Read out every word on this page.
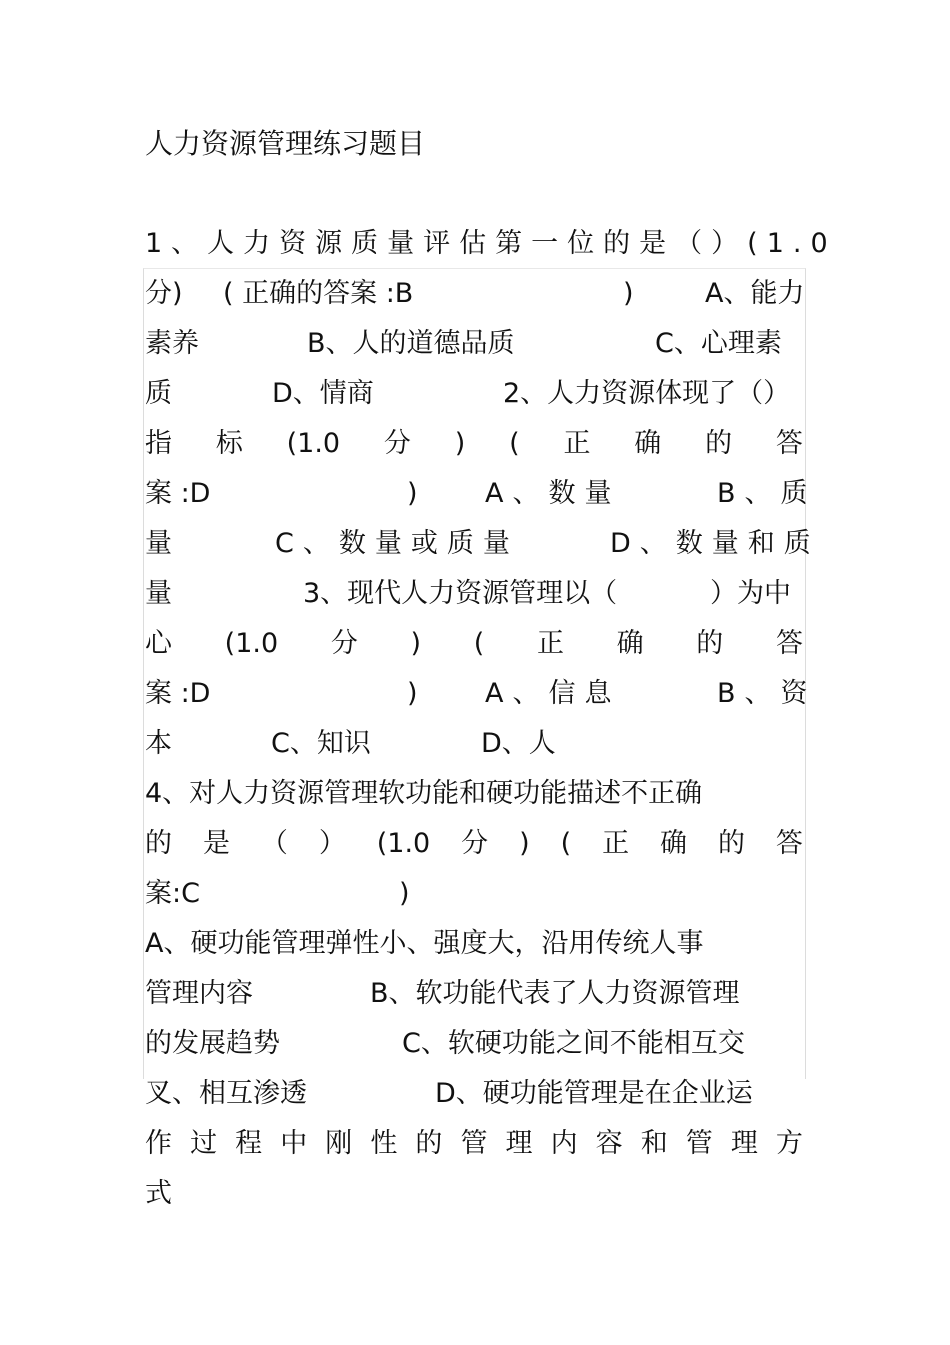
人力资源管理练习题目
1、人力资源质量评估第一位的是（）(1.0
分) ( 正确的答案 :B	)	A、能力
素养	B、人的道德品质	C、心理素
质	D、情商	2、人力资源体现了（）
指 标 (1.0 分 ) ( 正 确 的 答
案 :D	) A、数量	B、质
量	C、数量或质量	D、数量和质
量	3、现代人力资源管理以（	）为中
心 (1.0 分 ) ( 正 确 的 答
案 :D	) A、信息	B、资
本	C、知识	D、人
4、对人力资源管理软功能和硬功能描述不正确
的 是 （ ） (1.0 分 ) ( 正 确 的 答
案:C	)
A、硬功能管理弹性小、强度大，沿用传统人事
管理内容	B、软功能代表了人力资源管理
的发展趋势	C、软硬功能之间不能相互交
叉、相互渗透	D、硬功能管理是在企业运
作 过 程 中 刚 性 的 管 理 内 容 和 管 理 方
式
